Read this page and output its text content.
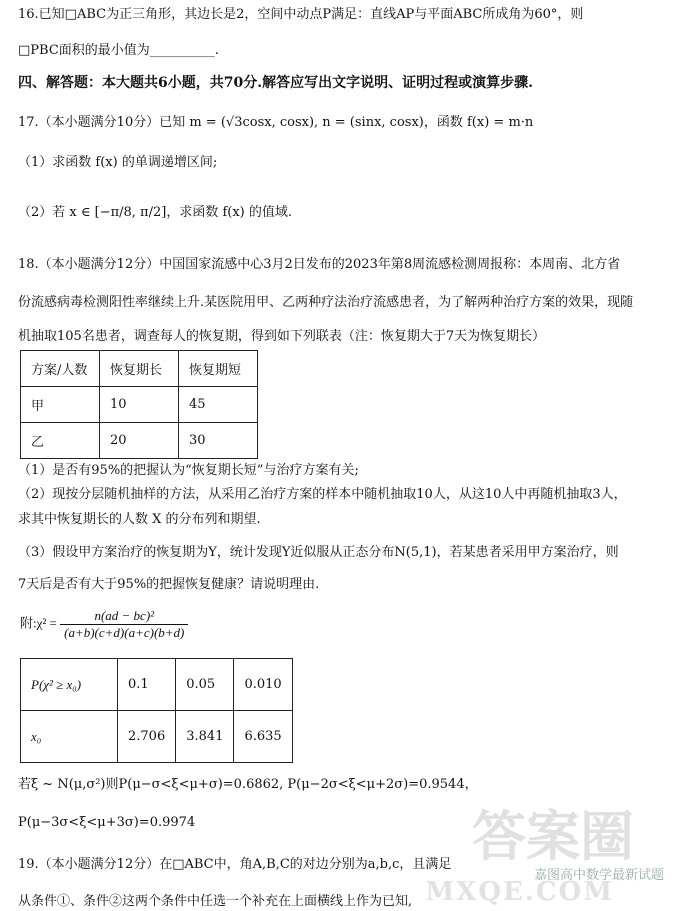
16.已知□ABC为正三角形，其边长是2，空间中动点P满足：直线AP与平面ABC所成角为60°，则
□PBC面积的最小值为__________.
四、解答题：本大题共6小题，共70分.解答应写出文字说明、证明过程或演算步骤.
17.（本小题满分10分）已知 m = (√3cosx, cosx), n = (sinx, cosx)，函数 f(x) = m·n
（1）求函数 f(x) 的单调递增区间;
（2）若 x ∈ [−π/8, π/2]，求函数 f(x) 的值域.
18.（本小题满分12分）中国国家流感中心3月2日发布的2023年第8周流感检测周报称：本周南、北方省
份流感病毒检测阳性率继续上升.某医院用甲、乙两种疗法治疗流感患者，为了解两种治疗方案的效果，现随
机抽取105名患者，调查每人的恢复期，得到如下列联表（注：恢复期大于7天为恢复期长）
方案/人数	恢复期长	恢复期短
甲	10	45
乙	20	30
（1）是否有95%的把握认为“恢复期长短”与治疗方案有关;
（2）现按分层随机抽样的方法，从采用乙治疗方案的样本中随机抽取10人，从这10人中再随机抽取3人，
求其中恢复期长的人数 X 的分布列和期望.
（3）假设甲方案治疗的恢复期为Y，统计发现Y近似服从正态分布N(5,1)，若某患者采用甲方案治疗，则
7天后是否有大于95%的把握恢复健康？请说明理由.
附:χ² = $\frac{\text{n(ad − bc)²}}{(a+b)(c+d)(a+c)(b+d)}$
P(χ² ≥ x₀)	0.1	0.05	0.010
x₀	2.706	3.841	6.635
若ξ ~ N(μ,σ²)则P(μ−σ<ξ<μ+σ)=0.6862, P(μ−2σ<ξ<μ+2σ)=0.9544，
P(μ−3σ<ξ<μ+3σ)=0.9974
19.（本小题满分12分）在□ABC中，角A,B,C的对边分别为a,b,c，且满足
从条件①、条件②这两个条件中任选一个补充在上面横线上作为已知,
答案圈
嘉图高中数学最新试题
MXQE.COM
